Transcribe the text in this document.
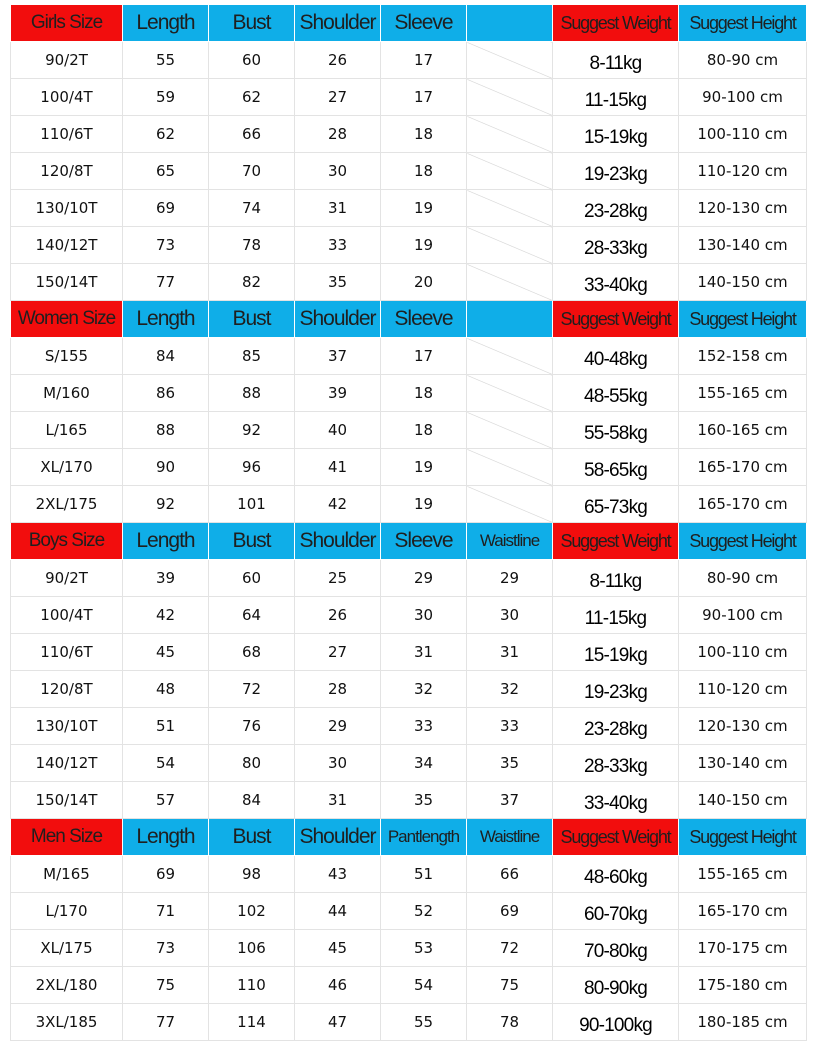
Girls Size	Length	Bust	Shoulder	Sleeve		Suggest Weight	Suggest Height
90/2T	55	60	26	17		8-11kg	80-90 cm
100/4T	59	62	27	17		11-15kg	90-100 cm
110/6T	62	66	28	18		15-19kg	100-110 cm
120/8T	65	70	30	18		19-23kg	110-120 cm
130/10T	69	74	31	19		23-28kg	120-130 cm
140/12T	73	78	33	19		28-33kg	130-140 cm
150/14T	77	82	35	20		33-40kg	140-150 cm
Women Size	Length	Bust	Shoulder	Sleeve		Suggest Weight	Suggest Height
S/155	84	85	37	17		40-48kg	152-158 cm
M/160	86	88	39	18		48-55kg	155-165 cm
L/165	88	92	40	18		55-58kg	160-165 cm
XL/170	90	96	41	19		58-65kg	165-170 cm
2XL/175	92	101	42	19		65-73kg	165-170 cm
Boys Size	Length	Bust	Shoulder	Sleeve	Waistline	Suggest Weight	Suggest Height
90/2T	39	60	25	29	29	8-11kg	80-90 cm
100/4T	42	64	26	30	30	11-15kg	90-100 cm
110/6T	45	68	27	31	31	15-19kg	100-110 cm
120/8T	48	72	28	32	32	19-23kg	110-120 cm
130/10T	51	76	29	33	33	23-28kg	120-130 cm
140/12T	54	80	30	34	35	28-33kg	130-140 cm
150/14T	57	84	31	35	37	33-40kg	140-150 cm
Men Size	Length	Bust	Shoulder	Pantlength	Waistline	Suggest Weight	Suggest Height
M/165	69	98	43	51	66	48-60kg	155-165 cm
L/170	71	102	44	52	69	60-70kg	165-170 cm
XL/175	73	106	45	53	72	70-80kg	170-175 cm
2XL/180	75	110	46	54	75	80-90kg	175-180 cm
3XL/185	77	114	47	55	78	90-100kg	180-185 cm
